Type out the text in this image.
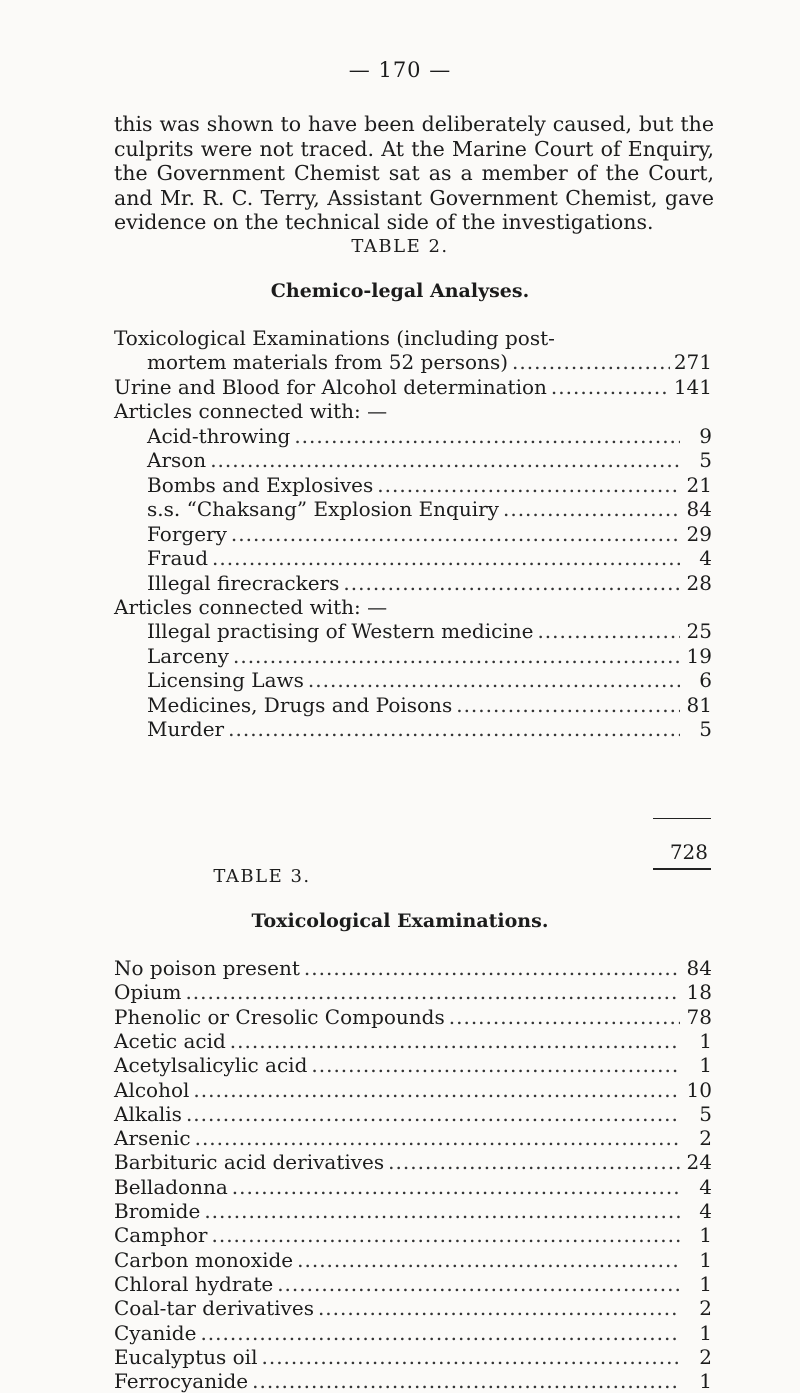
— 170 —

this was shown to have been deliberately caused, but the culprits were not traced. At the Marine Court of Enquiry, the Government Chemist sat as a member of the Court, and Mr. R. C. Terry, Assistant Government Chemist, gave evidence on the technical side of the investigations.

TABLE 2.
Chemico-legal Analyses.
Toxicological Examinations (including post-
mortem materials from 52 persons) .....	271
Urine and Blood for Alcohol determination .....	141
Articles connected with: —
Acid-throwing .....	9
Arson .....	5
Bombs and Explosives .....	21
s.s. “Chaksang” Explosion Enquiry .....	84
Forgery .....	29
Fraud .....	4
Illegal firecrackers .....	28
Articles connected with: —
Illegal practising of Western medicine .....	25
Larceny .....	19
Licensing Laws .....	6
Medicines, Drugs and Poisons .....	81
Murder .....	5
728
TABLE 3.
Toxicological Examinations.
No poison present .....	84
Opium .....	18
Phenolic or Cresolic Compounds .....	78
Acetic acid .....	1
Acetylsalicylic acid .....	1
Alcohol .....	10
Alkalis .....	5
Arsenic .....	2
Barbituric acid derivatives .....	24
Belladonna .....	4
Bromide .....	4
Camphor .....	1
Carbon monoxide .....	1
Chloral hydrate .....	1
Coal-tar derivatives .....	2
Cyanide .....	1
Eucalyptus oil .....	2
Ferrocyanide .....	1
